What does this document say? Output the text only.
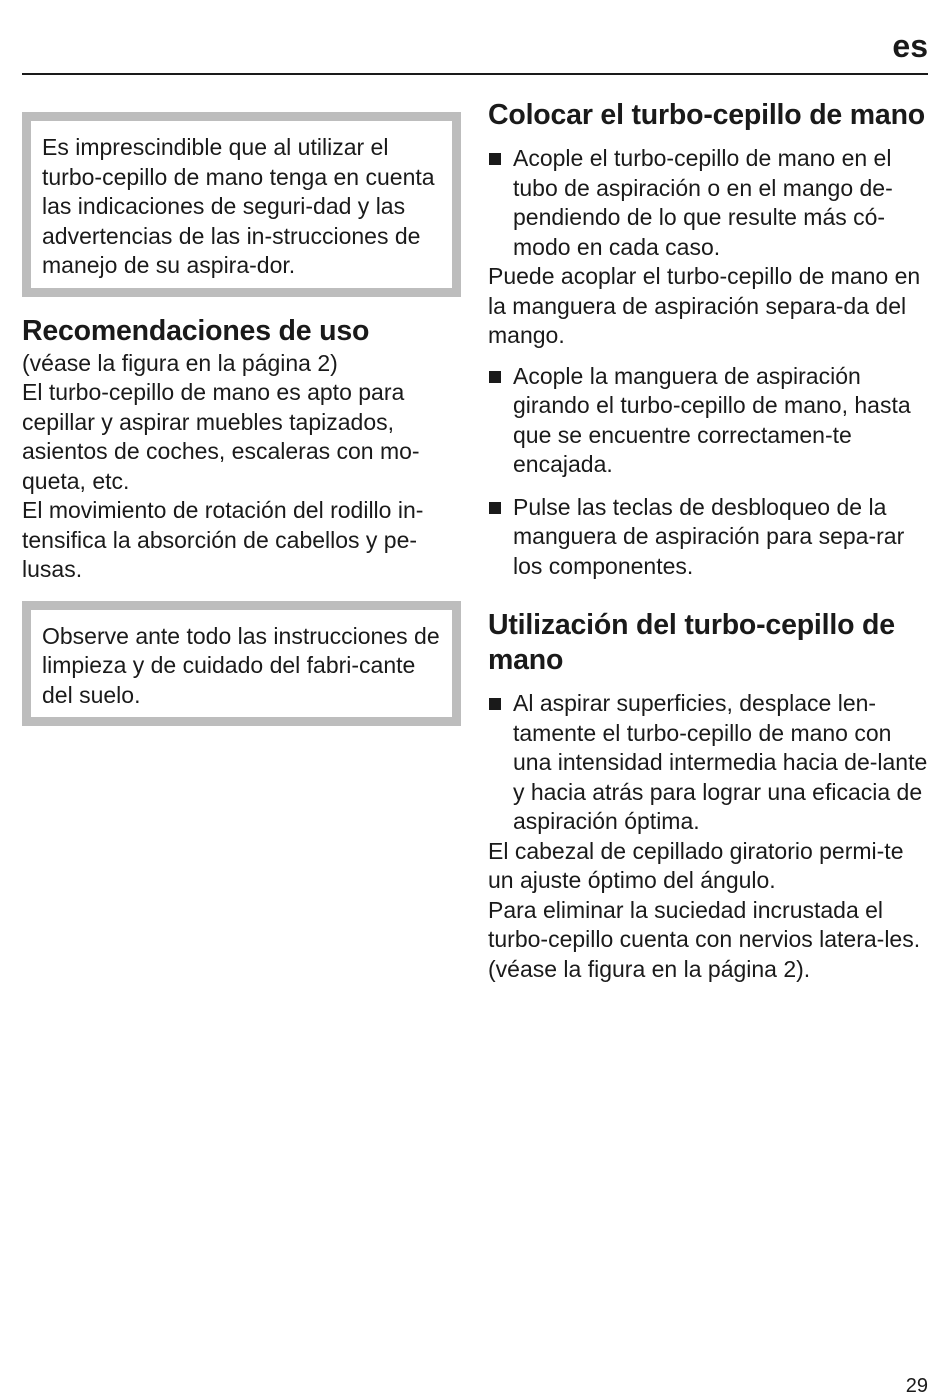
es

Es imprescindible que al utilizar el turbo-cepillo de mano tenga en cuenta las indicaciones de seguri-dad y las advertencias de las in-strucciones de manejo de su aspira-dor.

Recomendaciones de uso

(véase la figura en la página 2)

El turbo-cepillo de mano es apto para cepillar y aspirar muebles tapizados, asientos de coches, escaleras con mo-queta, etc.

El movimiento de rotación del rodillo in-tensifica la absorción de cabellos y pe-lusas.

Observe ante todo las instrucciones de limpieza y de cuidado del fabri-cante del suelo.

Colocar el turbo-cepillo de mano
Acople el turbo-cepillo de mano en el tubo de aspiración o en el mango de-pendiendo de lo que resulte más có-modo en cada caso.

Puede acoplar el turbo-cepillo de mano en la manguera de aspiración separa-da del mango.

Acople la manguera de aspiración girando el turbo-cepillo de mano, hasta que se encuentre correctamen-te encajada.
Pulse las teclas de desbloqueo de la manguera de aspiración para sepa-rar los componentes.
Utilización del turbo-cepillo de mano
Al aspirar superficies, desplace len-tamente el turbo-cepillo de mano con una intensidad intermedia hacia de-lante y hacia atrás para lograr una eficacia de aspiración óptima.

El cabezal de cepillado giratorio permi-te un ajuste óptimo del ángulo.

Para eliminar la suciedad incrustada el turbo-cepillo cuenta con nervios latera-les. (véase la figura en la página 2).

29
